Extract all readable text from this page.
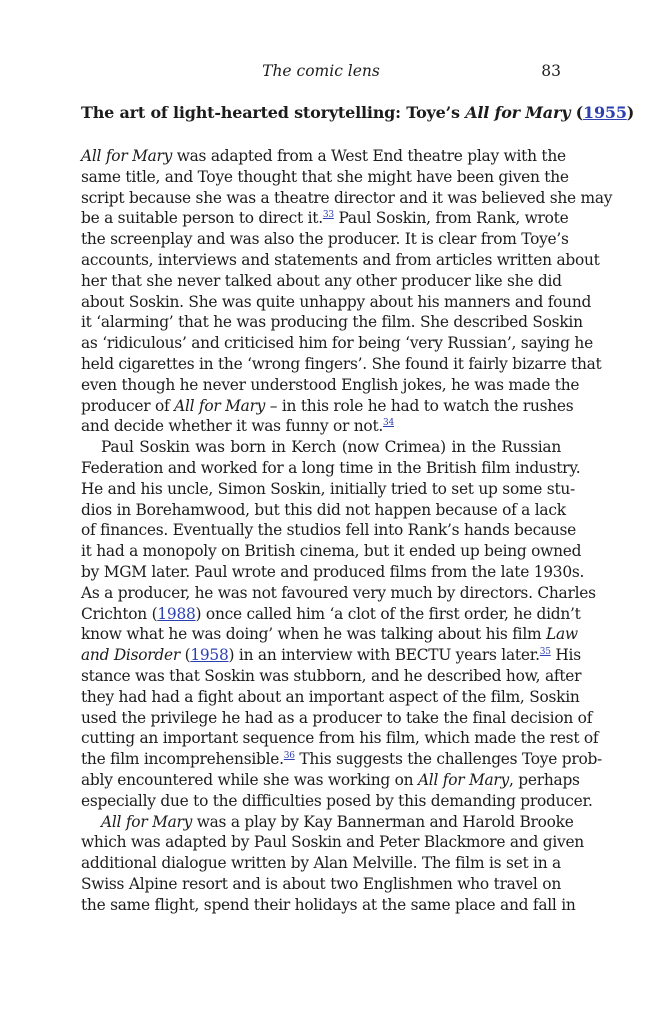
The comic lens	83
The art of light-hearted storytelling: Toye’s All for Mary (1955)
All for Mary was adapted from a West End theatre play with the
same title, and Toye thought that she might have been given the
script because she was a theatre director and it was believed she may
be a suitable person to direct it.$^{33}$ Paul Soskin, from Rank, wrote
the screenplay and was also the producer. It is clear from Toye’s
accounts, interviews and statements and from articles written about
her that she never talked about any other producer like she did
about Soskin. She was quite unhappy about his manners and found
it ‘alarming’ that he was producing the film. She described Soskin
as ‘ridiculous’ and criticised him for being ‘very Russian’, saying he
held cigarettes in the ‘wrong fingers’. She found it fairly bizarre that
even though he never understood English jokes, he was made the
producer of All for Mary – in this role he had to watch the rushes
and decide whether it was funny or not.$^{34}$
Paul Soskin was born in Kerch (now Crimea) in the Russian
Federation and worked for a long time in the British film industry.
He and his uncle, Simon Soskin, initially tried to set up some stu-
dios in Borehamwood, but this did not happen because of a lack
of finances. Eventually the studios fell into Rank’s hands because
it had a monopoly on British cinema, but it ended up being owned
by MGM later. Paul wrote and produced films from the late 1930s.
As a producer, he was not favoured very much by directors. Charles
Crichton (1988) once called him ‘a clot of the first order, he didn’t
know what he was doing’ when he was talking about his film Law
and Disorder (1958) in an interview with BECTU years later.$^{35}$ His
stance was that Soskin was stubborn, and he described how, after
they had had a fight about an important aspect of the film, Soskin
used the privilege he had as a producer to take the final decision of
cutting an important sequence from his film, which made the rest of
the film incomprehensible.$^{36}$ This suggests the challenges Toye prob-
ably encountered while she was working on All for Mary, perhaps
especially due to the difficulties posed by this demanding producer.
All for Mary was a play by Kay Bannerman and Harold Brooke
which was adapted by Paul Soskin and Peter Blackmore and given
additional dialogue written by Alan Melville. The film is set in a
Swiss Alpine resort and is about two Englishmen who travel on
the same flight, spend their holidays at the same place and fall in
